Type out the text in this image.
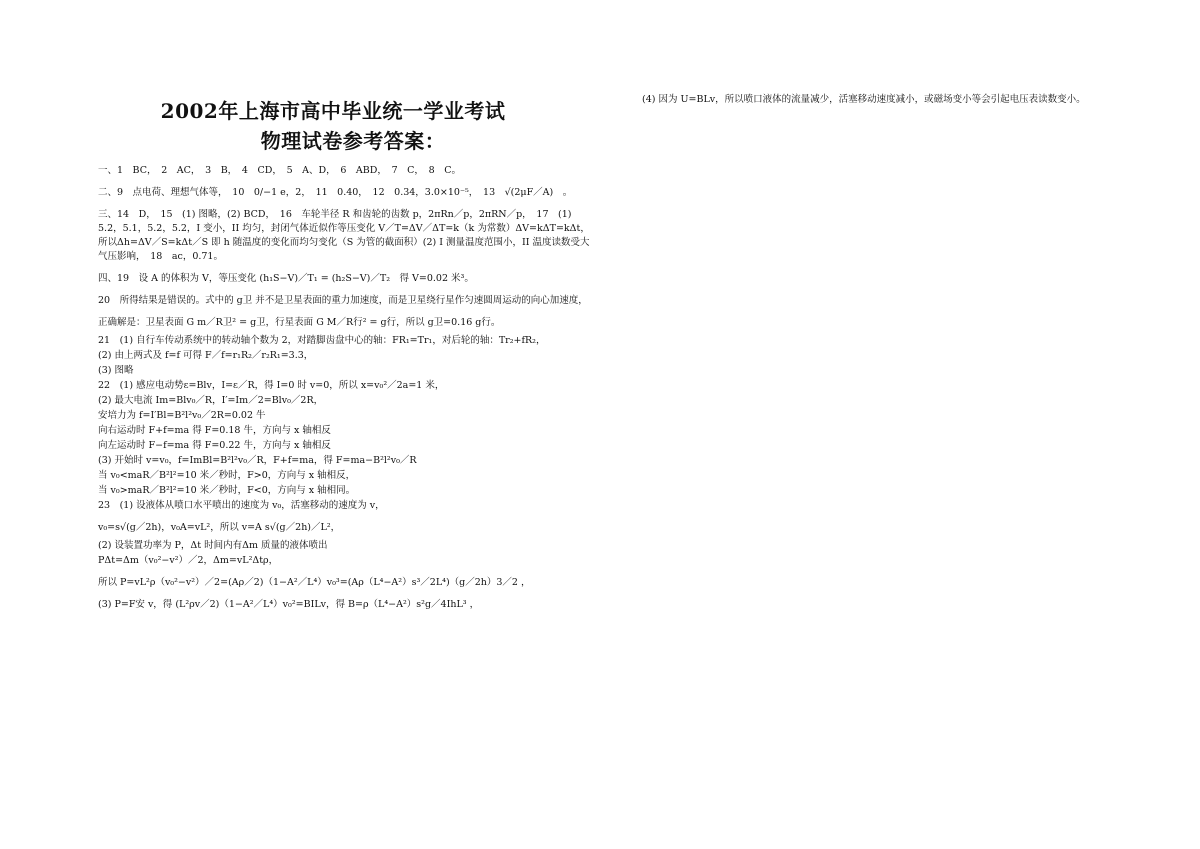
2002年上海市高中毕业统一学业考试
物理试卷参考答案：

一、1　BC，　2　AC，　3　B，　4　CD，　5　A、D，　6　ABD，　7　C，　8　C。

二、9　点电荷、理想气体等，　10　0/−1 e，2，　11　0.40，　12　0.34，3.0×10⁻⁵，　13　√(2μF／A)　。

三、14　D，　15　(1) 图略，(2) BCD，　16　车轮半径 R 和齿轮的齿数 p，2πRn／p，2πRN／p，　17　(1) 5.2，5.1，5.2，5.2，I 变小，II 均匀，封闭气体近似作等压变化 V／T=ΔV／ΔT=k（k 为常数）ΔV=kΔT=kΔt，所以Δh=ΔV／S=kΔt／S 即 h 随温度的变化而均匀变化（S 为管的截面积）(2) I 测量温度范围小，II 温度读数受大气压影响，　18　ac，0.71。

四、19　设 A 的体积为 V，等压变化 (h₁S−V)／T₁ = (h₂S−V)／T₂　得 V=0.02 米³。

20　所得结果是错误的。式中的 g卫 并不是卫星表面的重力加速度，而是卫星绕行星作匀速圆周运动的向心加速度，

正确解是：卫星表面 G m／R卫² = g卫，行星表面 G M／R行² = g行，所以 g卫=0.16 g行。

21　(1) 自行车传动系统中的转动轴个数为 2，对踏脚齿盘中心的轴：FR₁=Tr₁，对后轮的轴：Tr₂+fR₂，

(2) 由上两式及 f=f 可得 F／f=r₁R₂／r₂R₁=3.3，

(3) 图略

22　(1) 感应电动势ε=Blv，I=ε／R，得 I=0 时 v=0，所以 x=v₀²／2a=1 米，

(2) 最大电流 Im=Blv₀／R，I′=Im／2=Blv₀／2R，

安培力为 f=I′Bl=B²l²v₀／2R=0.02 牛

向右运动时 F+f=ma 得 F=0.18 牛，方向与 x 轴相反

向左运动时 F−f=ma 得 F=0.22 牛，方向与 x 轴相反

(3) 开始时 v=v₀，f=ImBl=B²l²v₀／R，F+f=ma，得 F=ma−B²l²v₀／R

当 v₀<maR／B²l²=10 米／秒时，F>0，方向与 x 轴相反，

当 v₀>maR／B²l²=10 米／秒时，F<0，方向与 x 轴相同。

23　(1) 设液体从喷口水平喷出的速度为 v₀，活塞移动的速度为 v，

v₀=s√(g／2h)，v₀A=vL²，所以 v=A s√(g／2h)／L²，

(2) 设装置功率为 P，Δt 时间内有Δm 质量的液体喷出

PΔt=Δm（v₀²−v²）／2，Δm=vL²Δtρ，

所以 P=vL²ρ（v₀²−v²）／2=(Aρ／2)（1−A²／L⁴）v₀³=(Aρ（L⁴−A²）s³／2L⁴)（g／2h）3／2 ，

(3) P=F安 v，得 (L²ρv／2)（1−A²／L⁴）v₀²=BILv，得 B=ρ（L⁴−A²）s²g／4IhL³ ，

(4) 因为 U=BLv，所以喷口液体的流量减少，活塞移动速度减小，或磁场变小等会引起电压表读数变小。
